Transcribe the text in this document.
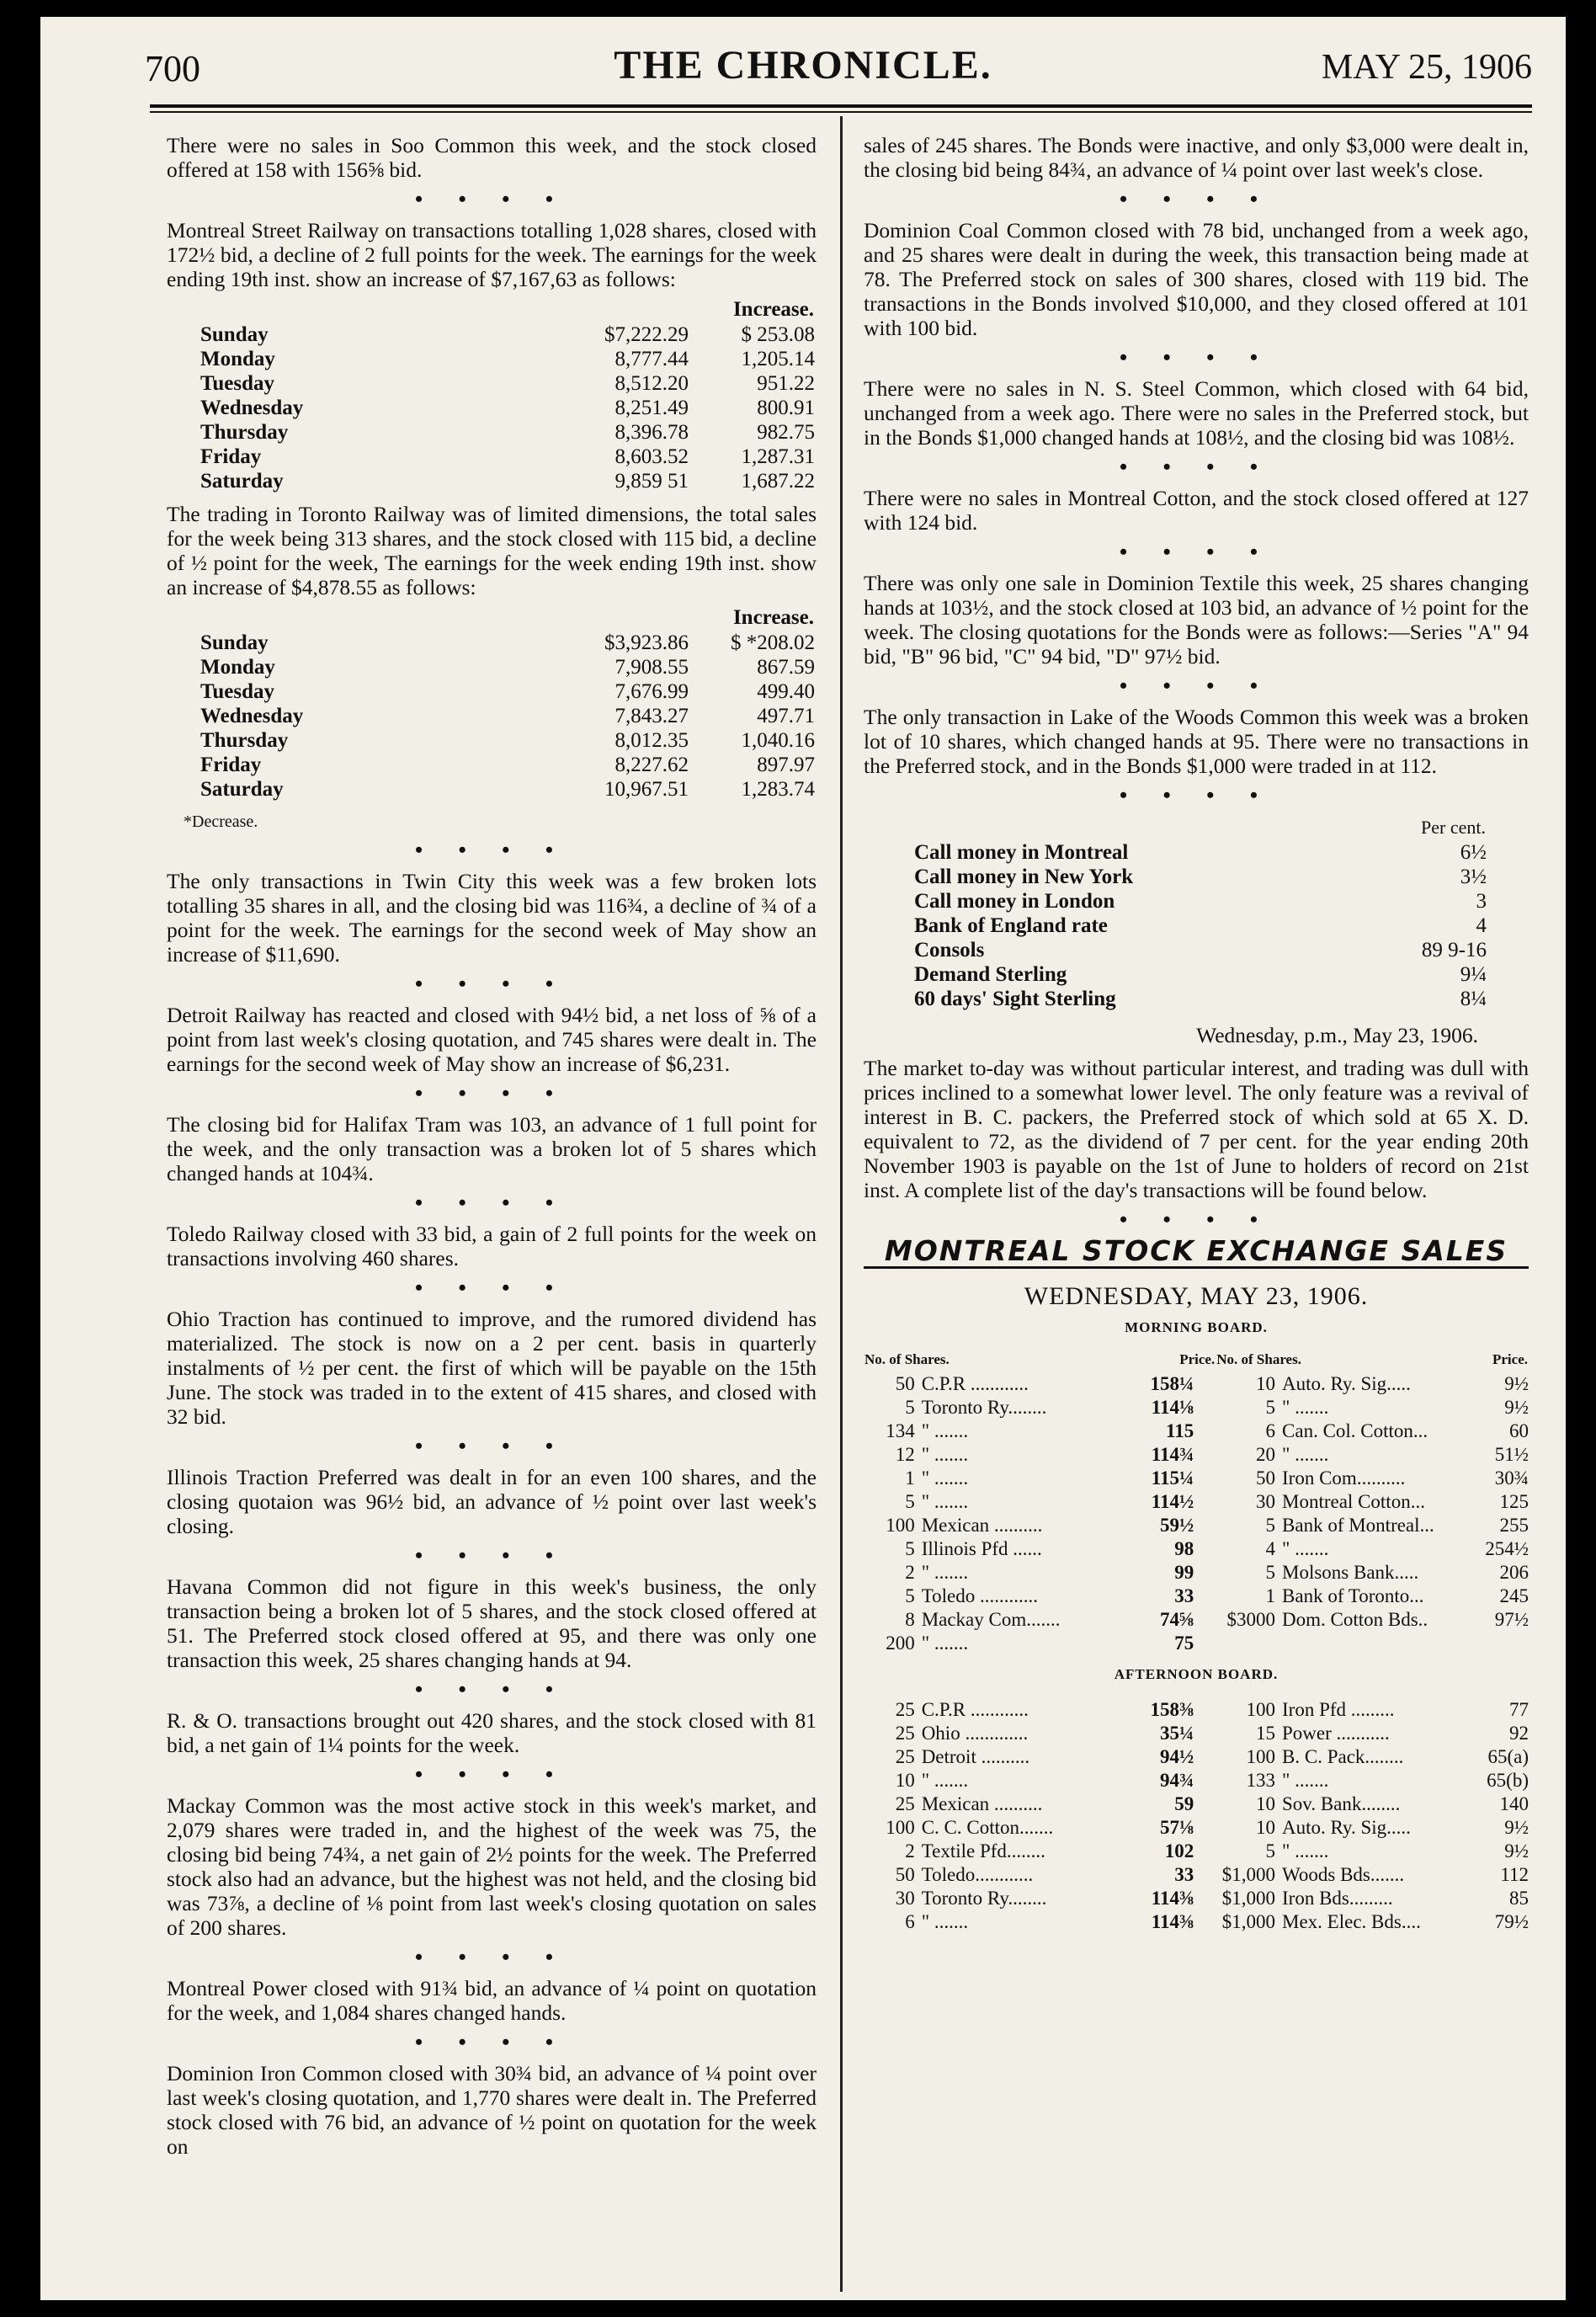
700	THE CHRONICLE.	MAY 25, 1906

There were no sales in Soo Common this week, and the stock closed offered at 158 with 156⅝ bid.

• • • •

Montreal Street Railway on transactions totalling 1,028 shares, closed with 172½ bid, a decline of 2 full points for the week. The earnings for the week ending 19th inst. show an increase of $7,167,63 as follows:

		Increase.
Sunday	$7,222.29	$ 253.08
Monday	8,777.44	1,205.14
Tuesday	8,512.20	951.22
Wednesday	8,251.49	800.91
Thursday	8,396.78	982.75
Friday	8,603.52	1,287.31
Saturday	9,859 51	1,687.22

The trading in Toronto Railway was of limited dimensions, the total sales for the week being 313 shares, and the stock closed with 115 bid, a decline of ½ point for the week, The earnings for the week ending 19th inst. show an increase of $4,878.55 as follows:

		Increase.
Sunday	$3,923.86	$ *208.02
Monday	7,908.55	867.59
Tuesday	7,676.99	499.40
Wednesday	7,843.27	497.71
Thursday	8,012.35	1,040.16
Friday	8,227.62	897.97
Saturday	10,967.51	1,283.74
*Decrease.
• • • •

The only transactions in Twin City this week was a few broken lots totalling 35 shares in all, and the closing bid was 116¾, a decline of ¾ of a point for the week. The earnings for the second week of May show an increase of $11,690.

• • • •

Detroit Railway has reacted and closed with 94½ bid, a net loss of ⅝ of a point from last week's closing quotation, and 745 shares were dealt in. The earnings for the second week of May show an increase of $6,231.

• • • •

The closing bid for Halifax Tram was 103, an advance of 1 full point for the week, and the only transaction was a broken lot of 5 shares which changed hands at 104¾.

• • • •

Toledo Railway closed with 33 bid, a gain of 2 full points for the week on transactions involving 460 shares.

• • • •

Ohio Traction has continued to improve, and the rumored dividend has materialized. The stock is now on a 2 per cent. basis in quarterly instalments of ½ per cent. the first of which will be payable on the 15th June. The stock was traded in to the extent of 415 shares, and closed with 32 bid.

• • • •

Illinois Traction Preferred was dealt in for an even 100 shares, and the closing quotaion was 96½ bid, an advance of ½ point over last week's closing.

• • • •

Havana Common did not figure in this week's business, the only transaction being a broken lot of 5 shares, and the stock closed offered at 51. The Preferred stock closed offered at 95, and there was only one transaction this week, 25 shares changing hands at 94.

• • • •

R. & O. transactions brought out 420 shares, and the stock closed with 81 bid, a net gain of 1¼ points for the week.

• • • •

Mackay Common was the most active stock in this week's market, and 2,079 shares were traded in, and the highest of the week was 75, the closing bid being 74¾, a net gain of 2½ points for the week. The Preferred stock also had an advance, but the highest was not held, and the closing bid was 73⅞, a decline of ⅛ point from last week's closing quotation on sales of 200 shares.

• • • •

Montreal Power closed with 91¾ bid, an advance of ¼ point on quotation for the week, and 1,084 shares changed hands.

• • • •

Dominion Iron Common closed with 30¾ bid, an advance of ¼ point over last week's closing quotation, and 1,770 shares were dealt in. The Preferred stock closed with 76 bid, an advance of ½ point on quotation for the week on

sales of 245 shares. The Bonds were inactive, and only $3,000 were dealt in, the closing bid being 84¾, an advance of ¼ point over last week's close.

• • • •

Dominion Coal Common closed with 78 bid, unchanged from a week ago, and 25 shares were dealt in during the week, this transaction being made at 78. The Preferred stock on sales of 300 shares, closed with 119 bid. The transactions in the Bonds involved $10,000, and they closed offered at 101 with 100 bid.

• • • •

There were no sales in N. S. Steel Common, which closed with 64 bid, unchanged from a week ago. There were no sales in the Preferred stock, but in the Bonds $1,000 changed hands at 108½, and the closing bid was 108½.

• • • •

There were no sales in Montreal Cotton, and the stock closed offered at 127 with 124 bid.

• • • •

There was only one sale in Dominion Textile this week, 25 shares changing hands at 103½, and the stock closed at 103 bid, an advance of ½ point for the week. The closing quotations for the Bonds were as follows:—Series "A" 94 bid, "B" 96 bid, "C" 94 bid, "D" 97½ bid.

• • • •

The only transaction in Lake of the Woods Common this week was a broken lot of 10 shares, which changed hands at 95. There were no transactions in the Preferred stock, and in the Bonds $1,000 were traded in at 112.

• • • •
	Per cent.
Call money in Montreal	6½
Call money in New York	3½
Call money in London	3
Bank of England rate	4
Consols	89 9-16
Demand Sterling	9¼
60 days' Sight Sterling	8¼
Wednesday, p.m., May 23, 1906.

The market to-day was without particular interest, and trading was dull with prices inclined to a somewhat lower level. The only feature was a revival of interest in B. C. packers, the Preferred stock of which sold at 65 X. D. equivalent to 72, as the dividend of 7 per cent. for the year ending 20th November 1903 is payable on the 1st of June to holders of record on 21st inst. A complete list of the day's transactions will be found below.

• • • •
MONTREAL STOCK EXCHANGE SALES
WEDNESDAY, MAY 23, 1906.
MORNING BOARD.
No. of Shares.		Price.	No. of Shares.		Price.
50	C.P.R ............	158¼	10	Auto. Ry. Sig.....	9½
5	Toronto Ry........	114⅛	5	" .......	9½
134	" .......	115	6	Can. Col. Cotton...	60
12	" .......	114¾	20	" .......	51½
1	" .......	115¼	50	Iron Com..........	30¾
5	" .......	114½	30	Montreal Cotton...	125
100	Mexican ..........	59½	5	Bank of Montreal...	255
5	Illinois Pfd ......	98	4	" .......	254½
2	" .......	99	5	Molsons Bank.....	206
5	Toledo ............	33	1	Bank of Toronto...	245
8	Mackay Com.......	74⅝	$3000	Dom. Cotton Bds..	97½
200	" .......	75			
AFTERNOON BOARD.
25	C.P.R ............	158⅜	100	Iron Pfd .........	77
25	Ohio .............	35¼	15	Power ...........	92
25	Detroit ..........	94½	100	B. C. Pack........	65(a)
10	" .......	94¾	133	" .......	65(b)
25	Mexican ..........	59	10	Sov. Bank........	140
100	C. C. Cotton.......	57⅛	10	Auto. Ry. Sig.....	9½
2	Textile Pfd........	102	5	" .......	9½
50	Toledo............	33	$1,000	Woods Bds.......	112
30	Toronto Ry........	114⅜	$1,000	Iron Bds.........	85
6	" .......	114⅜	$1,000	Mex. Elec. Bds....	79½
